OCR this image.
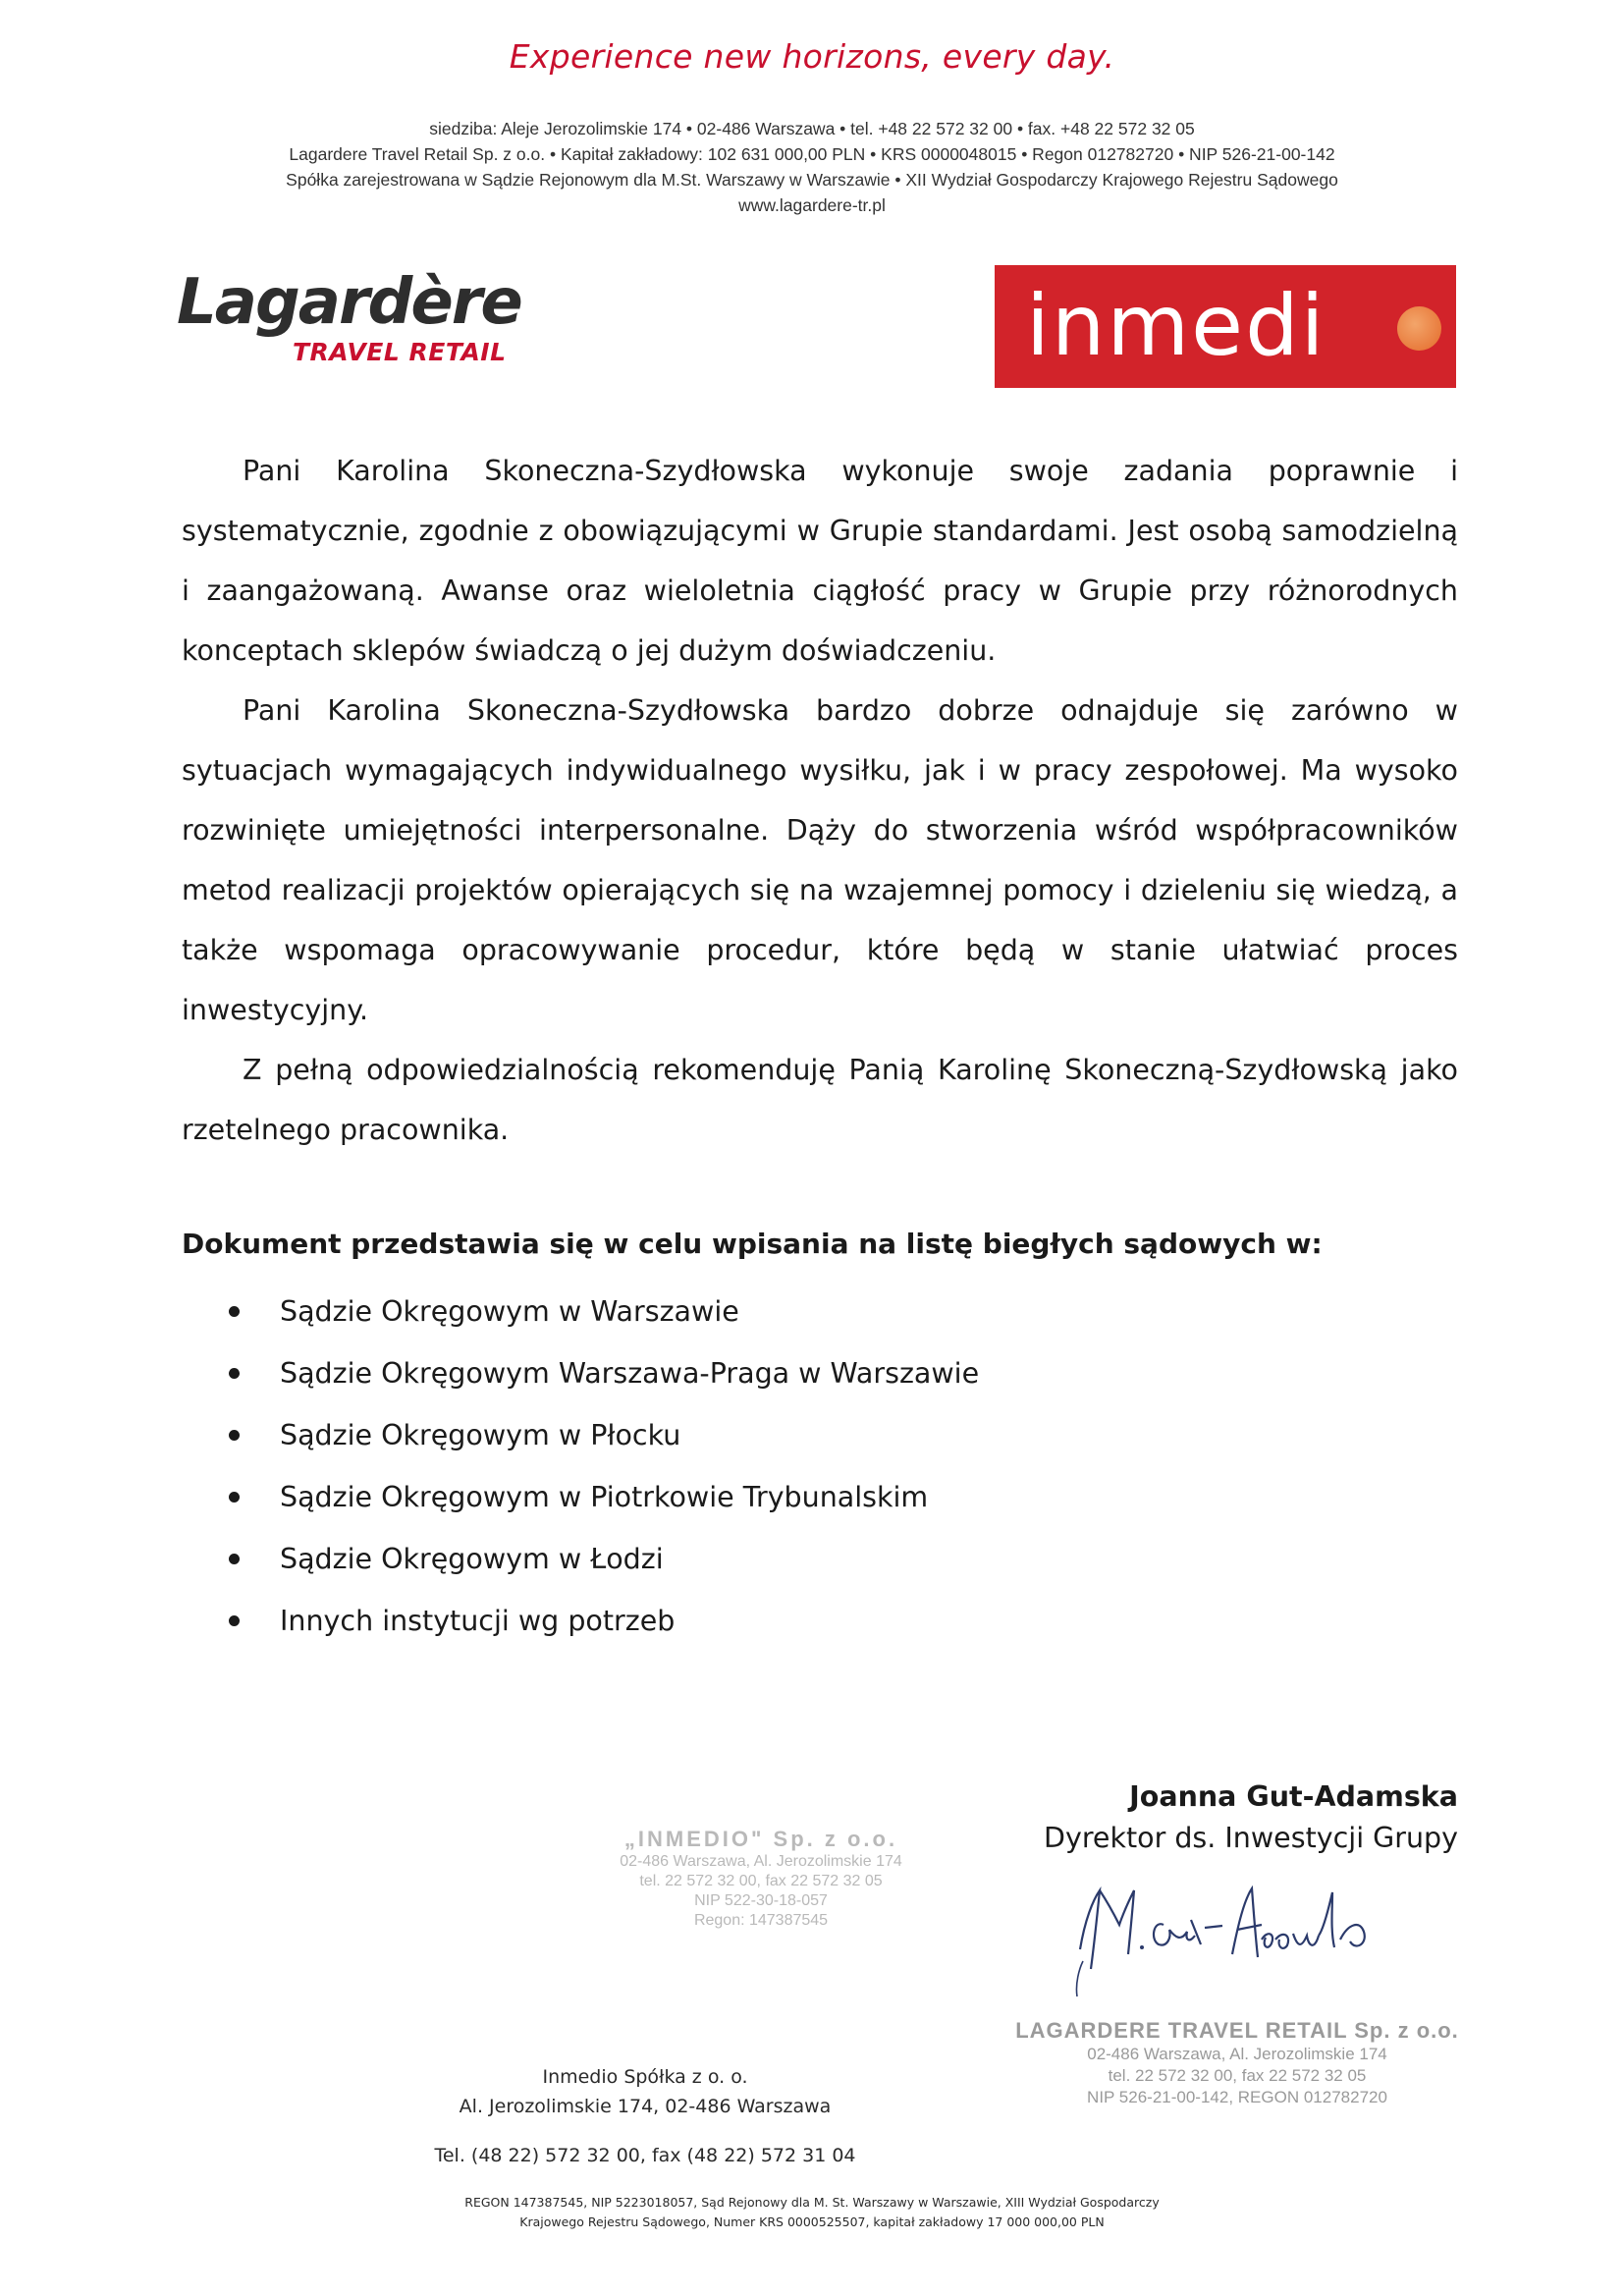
Experience new horizons, every day.
siedziba: Aleje Jerozolimskie 174 • 02-486 Warszawa • tel. +48 22 572 32 00 • fax. +48 22 572 32 05
Lagardere Travel Retail Sp. z o.o. • Kapitał zakładowy: 102 631 000,00 PLN • KRS 0000048015 • Regon 012782720 • NIP 526-21-00-142
Spółka zarejestrowana w Sądzie Rejonowym dla M.St. Warszawy w Warszawie • XII Wydział Gospodarczy Krajowego Rejestru Sądowego
www.lagardere-tr.pl
Lagardère
TRAVEL RETAIL	inmedi

Pani Karolina Skoneczna-Szydłowska wykonuje swoje zadania poprawnie i systematycznie, zgodnie z obowiązującymi w Grupie standardami. Jest osobą samodzielną i zaangażowaną. Awanse oraz wieloletnia ciągłość pracy w Grupie przy różnorodnych konceptach sklepów świadczą o jej dużym doświadczeniu.

Pani Karolina Skoneczna-Szydłowska bardzo dobrze odnajduje się zarówno w sytuacjach wymagających indywidualnego wysiłku, jak i w pracy zespołowej. Ma wysoko rozwinięte umiejętności interpersonalne. Dąży do stworzenia wśród współpracowników metod realizacji projektów opierających się na wzajemnej pomocy i dzieleniu się wiedzą, a także wspomaga opracowywanie procedur, które będą w stanie ułatwiać proces inwestycyjny.

Z pełną odpowiedzialnością rekomenduję Panią Karolinę Skoneczną-Szydłowską jako rzetelnego pracownika.

Dokument przedstawia się w celu wpisania na listę biegłych sądowych w:
Sądzie Okręgowym w Warszawie
Sądzie Okręgowym Warszawa-Praga w Warszawie
Sądzie Okręgowym w Płocku
Sądzie Okręgowym w Piotrkowie Trybunalskim
Sądzie Okręgowym w Łodzi
Innych instytucji wg potrzeb
Joanna Gut-Adamska
Dyrektor ds. Inwestycji Grupy
„INMEDIO" Sp. z o.o.
02-486 Warszawa, Al. Jerozolimskie 174
tel. 22 572 32 00, fax 22 572 32 05
NIP 522-30-18-057
Regon: 147387545
LAGARDERE TRAVEL RETAIL Sp. z o.o.
02-486 Warszawa, Al. Jerozolimskie 174
tel. 22 572 32 00, fax 22 572 32 05
NIP 526-21-00-142, REGON 012782720
Inmedio Spółka z o. o.
Al. Jerozolimskie 174, 02-486 Warszawa
Tel. (48 22) 572 32 00, fax (48 22) 572 31 04
REGON 147387545, NIP 5223018057, Sąd Rejonowy dla M. St. Warszawy w Warszawie, XIII Wydział Gospodarczy
Krajowego Rejestru Sądowego, Numer KRS 0000525507, kapitał zakładowy 17 000 000,00 PLN
